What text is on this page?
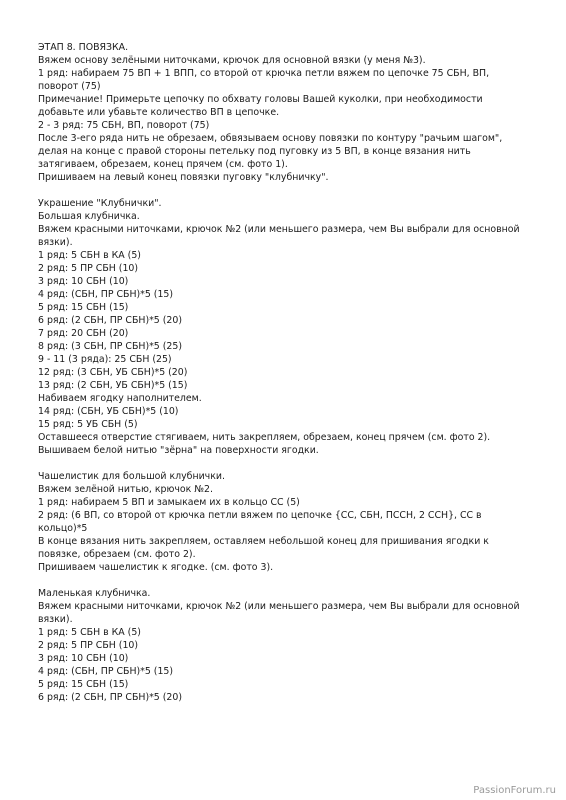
ЭТАП 8. ПОВЯЗКА.
Вяжем основу зелёными ниточками, крючок для основной вязки (у меня №3).
1 ряд: набираем 75 ВП + 1 ВПП, со второй от крючка петли вяжем по цепочке 75 СБН, ВП,
поворот (75)
Примечание! Примерьте цепочку по обхвату головы Вашей куколки, при необходимости
добавьте или убавьте количество ВП в цепочке.
2 - 3 ряд: 75 СБН, ВП, поворот (75)
После 3-его ряда нить не обрезаем, обвязываем основу повязки по контуру "рачьим шагом",
делая на конце с правой стороны петельку под пуговку из 5 ВП, в конце вязания нить
затягиваем, обрезаем, конец прячем (см. фото 1).
Пришиваем на левый конец повязки пуговку "клубничку".
Украшение "Клубнички".
Большая клубничка.
Вяжем красными ниточками, крючок №2 (или меньшего размера, чем Вы выбрали для основной
вязки).
1 ряд: 5 СБН в КА (5)
2 ряд: 5 ПР СБН (10)
3 ряд: 10 СБН (10)
4 ряд: (СБН, ПР СБН)*5 (15)
5 ряд: 15 СБН (15)
6 ряд: (2 СБН, ПР СБН)*5 (20)
7 ряд: 20 СБН (20)
8 ряд: (3 СБН, ПР СБН)*5 (25)
9 - 11 (3 ряда): 25 СБН (25)
12 ряд: (3 СБН, УБ СБН)*5 (20)
13 ряд: (2 СБН, УБ СБН)*5 (15)
Набиваем ягодку наполнителем.
14 ряд: (СБН, УБ СБН)*5 (10)
15 ряд: 5 УБ СБН (5)
Оставшееся отверстие стягиваем, нить закрепляем, обрезаем, конец прячем (см. фото 2).
Вышиваем белой нитью "зёрна" на поверхности ягодки.
Чашелистик для большой клубнички.
Вяжем зелёной нитью, крючок №2.
1 ряд: набираем 5 ВП и замыкаем их в кольцо СС (5)
2 ряд: (6 ВП, со второй от крючка петли вяжем по цепочке {СС, СБН, ПССН, 2 ССН}, СС в
кольцо)*5
В конце вязания нить закрепляем, оставляем небольшой конец для пришивания ягодки к
повязке, обрезаем (см. фото 2).
Пришиваем чашелистик к ягодке. (см. фото 3).
Маленькая клубничка.
Вяжем красными ниточками, крючок №2 (или меньшего размера, чем Вы выбрали для основной
вязки).
1 ряд: 5 СБН в КА (5)
2 ряд: 5 ПР СБН (10)
3 ряд: 10 СБН (10)
4 ряд: (СБН, ПР СБН)*5 (15)
5 ряд: 15 СБН (15)
6 ряд: (2 СБН, ПР СБН)*5 (20)
PassionForum.ru
